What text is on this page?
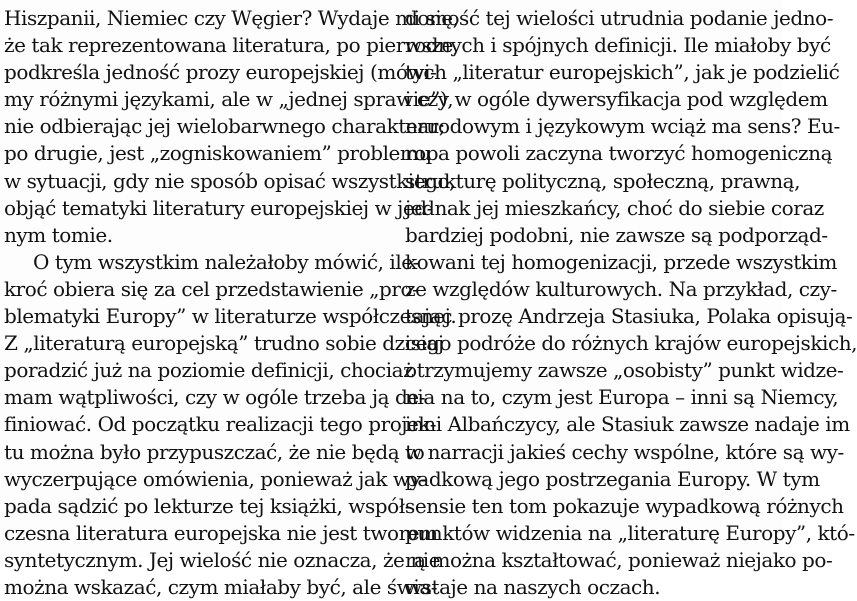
Hiszpanii, Niemiec czy Węgier? Wydaje mi się,
że tak reprezentowana literatura, po pierwsze,
podkreśla jedność prozy europejskiej (mówi-
my różnymi językami, ale w „jednej sprawie”),
nie odbierając jej wielobarwnego charakteru;
po drugie, jest „zogniskowaniem” problemu
w sytuacji, gdy nie sposób opisać wszystkiego,
objąć tematyki literatury europejskiej w jed-
nym tomie.
O tym wszystkim należałoby mówić, ile-
kroć obiera się za cel przedstawienie „pro-
blematyki Europy” w literaturze współczesnej.
Z „literaturą europejską” trudno sobie dzisiaj
poradzić już na poziomie definicji, chociaż
mam wątpliwości, czy w ogóle trzeba ją de-
finiować. Od początku realizacji tego projek-
tu można było przypuszczać, że nie będą to
wyczerpujące omówienia, ponieważ jak wy-
pada sądzić po lekturze tej książki, współ-
czesna literatura europejska nie jest tworem
syntetycznym. Jej wielość nie oznacza, że nie
można wskazać, czym miałaby być, ale świa-
domość tej wielości utrudnia podanie jedno-
rodnych i spójnych definicji. Ile miałoby być
tych „literatur europejskich”, jak je podzielić
i czy w ogóle dywersyfikacja pod względem
narodowym i językowym wciąż ma sens? Eu-
ropa powoli zaczyna tworzyć homogeniczną
strukturę polityczną, społeczną, prawną,
jednak jej mieszkańcy, choć do siebie coraz
bardziej podobni, nie zawsze są podporząd-
kowani tej homogenizacji, przede wszystkim
ze względów kulturowych. Na przykład, czy-
tając prozę Andrzeja Stasiuka, Polaka opisują-
cego podróże do różnych krajów europejskich,
otrzymujemy zawsze „osobisty” punkt widze-
nia na to, czym jest Europa – inni są Niemcy,
inni Albańczycy, ale Stasiuk zawsze nadaje im
w narracji jakieś cechy wspólne, które są wy-
padkową jego postrzegania Europy. W tym
sensie ten tom pokazuje wypadkową różnych
punktów widzenia na „literaturę Europy”, któ-
rą można kształtować, ponieważ niejako po-
wstaje na naszych oczach.
